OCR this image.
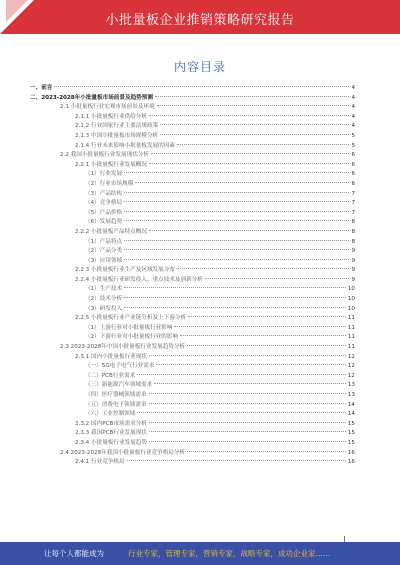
小批量板企业推销策略研究报告
内容目录
一、前言	4
二、2023-2028年小批量板市场前景及趋势预测	4
2.1 小批量板行业宏观市场前景及环境	4
2.1.1 小批量板行业供给分析	4
2.1.2 行业国家行业主要法规政策	4
2.1.3 中国小批量板市场规模分析	5
2.1.4 行业未来影响小批量板发展的因素	5
2.2 我国小批量板行业发展现状分析	6
2.2.1 小批量板行业发展概况	6
（1）行业发展	6
（2）行业市场规模	6
（3）产品结构	7
（4）竞争格局	7
（5）产品价格	7
（6）发展趋势	8
2.2.2 小批量板产品特点概况	8
（1）产品特点	8
（2）产品分类	9
（3）应用领域	9
2.2.3 小批量板行业生产及区域发展分布	9
2.2.4 小批量板行业研发投入、重点技术及创新分析	9
（1）生产技术	10
（2）技术分析	10
（3）研发投入	10
2.2.5 小批量板行业产业链分析及上下游分析	11
（1）上游行业对小批量板行业影响	11
（2）下游行业对小批量板行业的影响	11
2.3 2023-2028年中国小批量板行业发展趋势分析	11
2.3.1 国内小批量板行业现状	12
（一）5G电子电气行业需求	12
（二）PCB行业需求	12
（三）新能源汽车领域需求	13
（四）医疗器械领域需求	13
（五）消费电子领域需求	14
（六）工业控制领域	14
2.3.2 国内PCB市场需求分析	15
2.3.3 我国PCB行业发展现状	15
2.3.4 小批量板行业发展趋势	15
2.4 2023-2028年我国小批量板行业竞争格局分析	16
2.4.1 行业竞争格局	16
让每个人都能成为	行业专家，管理专家，营销专家，战略专家，成功企业家……
